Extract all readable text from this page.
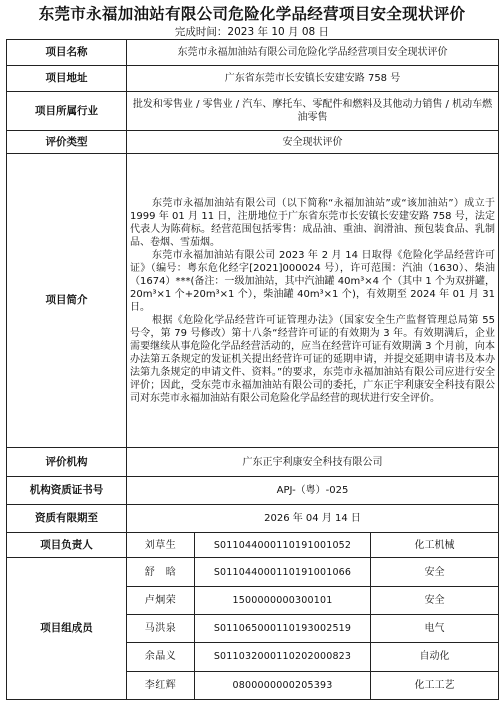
东莞市永福加油站有限公司危险化学品经营项目安全现状评价
完成时间：2023 年 10 月 08 日
项目名称	东莞市永福加油站有限公司危险化学品经营项目安全现状评价		
项目地址	广东省东莞市长安镇长安建安路 758 号		
项目所属行业	批发和零售业 / 零售业 / 汽车、摩托车、零配件和燃料及其他动力销售 / 机动车燃油零售		
评价类型	安全现状评价		
项目简介	东莞市永福加油站有限公司（以下简称“永福加油站”或“该加油站”）成立于 1999 年 01 月 11 日，注册地位于广东省东莞市长安镇长安建安路 758 号，法定代表人为陈荷标。经营范围包括零售：成品油、重油、润滑油、预包装食品、乳制品、卷烟、雪茄烟。

东莞市永福加油站有限公司 2023 年 2 月 14 日取得《危险化学品经营许可证》（编号：粤东危化经字[2021]000024 号），许可范围：汽油（1630）、柴油（1674）***(备注：一级加油站，其中汽油罐 40m³×4 个（其中 1 个为双拼罐，20m³×1 个+20m³×1 个），柴油罐 40m³×1 个)，有效期至 2024 年 01 月 31 日。

根据《危险化学品经营许可证管理办法》（国家安全生产监督管理总局第 55 号令，第 79 号修改）第十八条“经营许可证的有效期为 3 年。有效期满后，企业需要继续从事危险化学品经营活动的，应当在经营许可证有效期满 3 个月前，向本办法第五条规定的发证机关提出经营许可证的延期申请，并提交延期申请书及本办法第九条规定的申请文件、资料。”的要求，东莞市永福加油站有限公司应进行安全评价；因此，受东莞市永福加油站有限公司的委托，广东正宇利康安全科技有限公司对东莞市永福加油站有限公司危险化学品经营的现状进行安全评价。		

评价机构	广东正宇利康安全科技有限公司		
机构资质证书号	APJ-（粤）-025		
资质有限期至	2026 年 04 月 14 日		
项目负责人	刘草生	S011044000110191001052	化工机械
项目组成员	舒　晗	S011044000110191001066	安全
	卢炯荣	1500000000300101	安全
	马洪泉	S011065000110193002519	电气
	余晶义	S011032000110202000823	自动化
	李红辉	0800000000205393	化工工艺
